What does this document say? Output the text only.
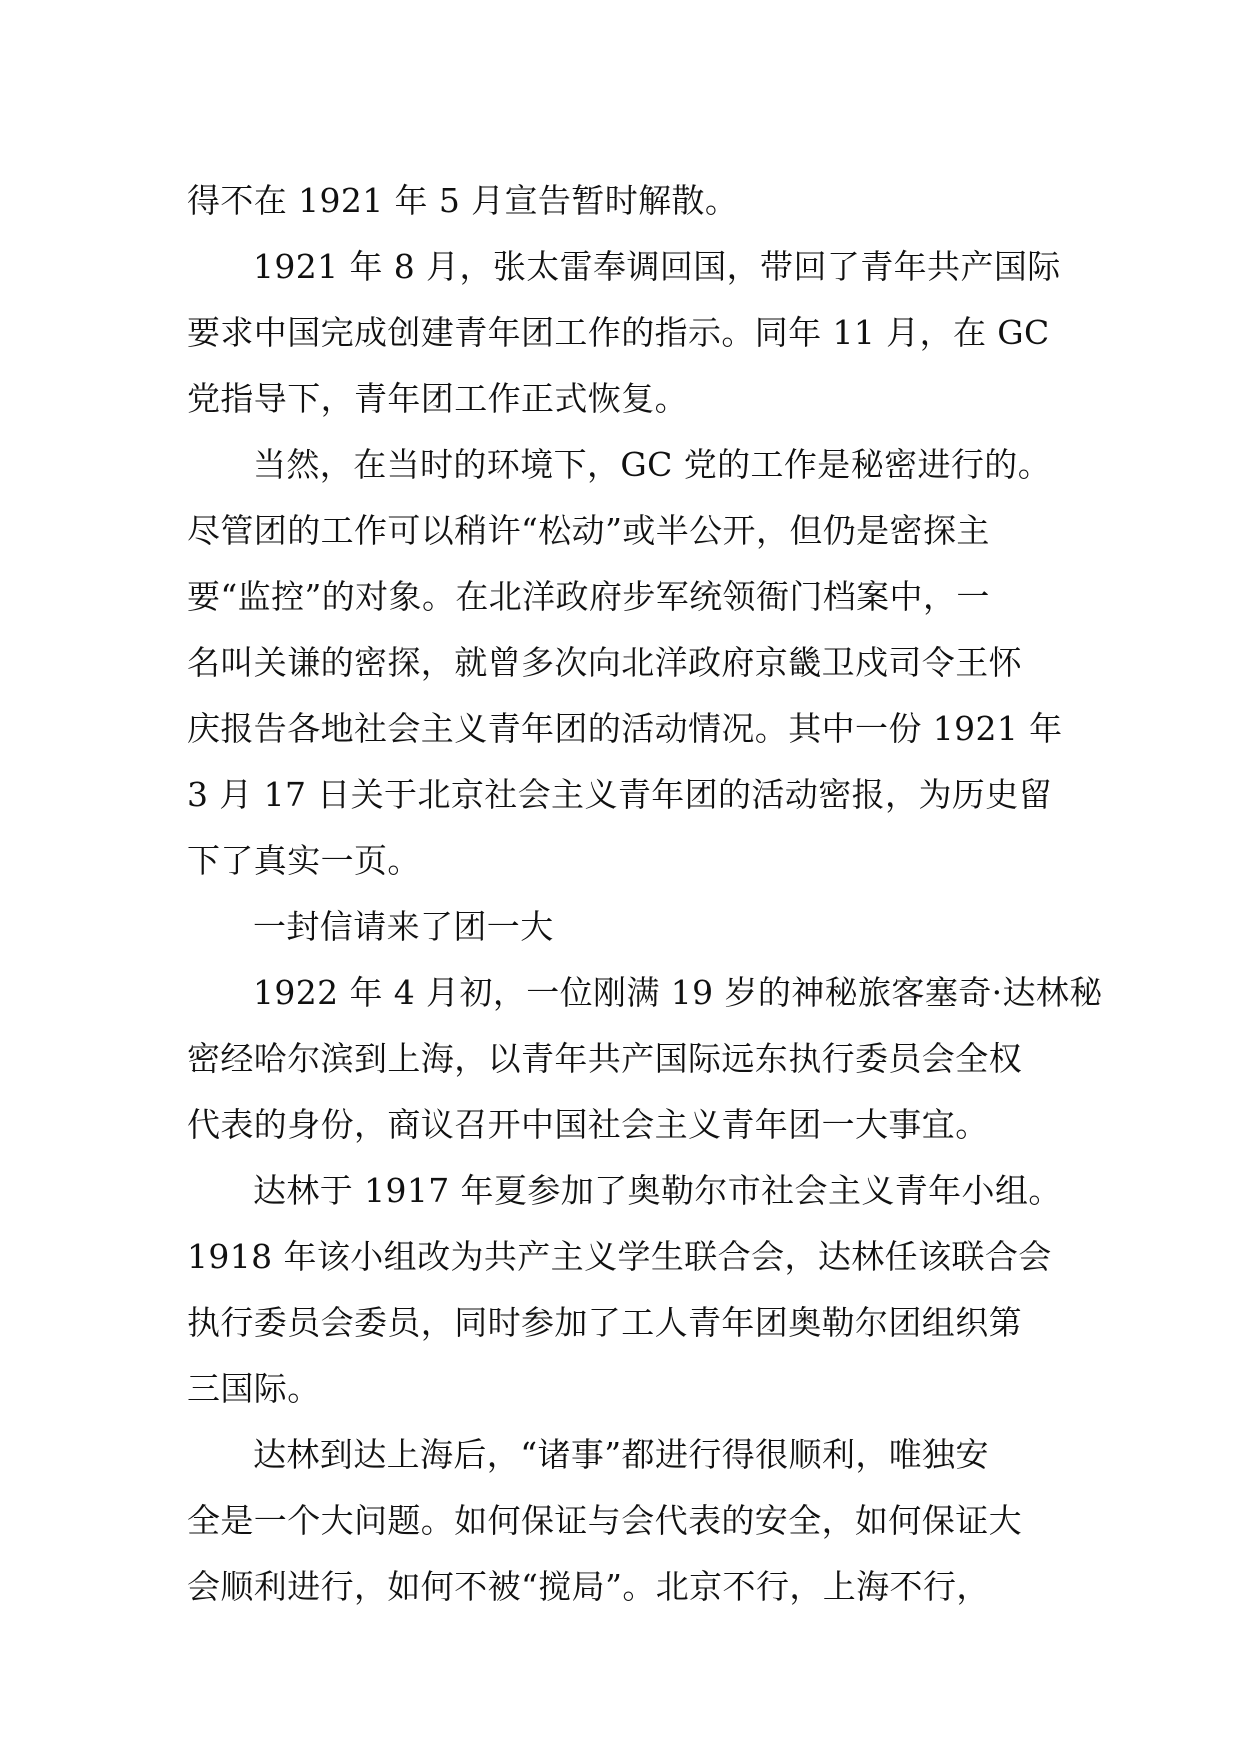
得不在 1921 年 5 月宣告暂时解散。
1921 年 8 月，张太雷奉调回国，带回了青年共产国际
要求中国完成创建青年团工作的指示。同年 11 月，在 GC
党指导下，青年团工作正式恢复。
当然，在当时的环境下，GC 党的工作是秘密进行的。
尽管团的工作可以稍许“松动”或半公开，但仍是密探主
要“监控”的对象。在北洋政府步军统领衙门档案中，一
名叫关谦的密探，就曾多次向北洋政府京畿卫戍司令王怀
庆报告各地社会主义青年团的活动情况。其中一份 1921 年
3 月 17 日关于北京社会主义青年团的活动密报，为历史留
下了真实一页。
一封信请来了团一大
1922 年 4 月初，一位刚满 19 岁的神秘旅客塞奇·达林秘
密经哈尔滨到上海，以青年共产国际远东执行委员会全权
代表的身份，商议召开中国社会主义青年团一大事宜。
达林于 1917 年夏参加了奥勒尔市社会主义青年小组。
1918 年该小组改为共产主义学生联合会，达林任该联合会
执行委员会委员，同时参加了工人青年团奥勒尔团组织第
三国际。
达林到达上海后，“诸事”都进行得很顺利，唯独安
全是一个大问题。如何保证与会代表的安全，如何保证大
会顺利进行，如何不被“搅局”。北京不行，上海不行，
